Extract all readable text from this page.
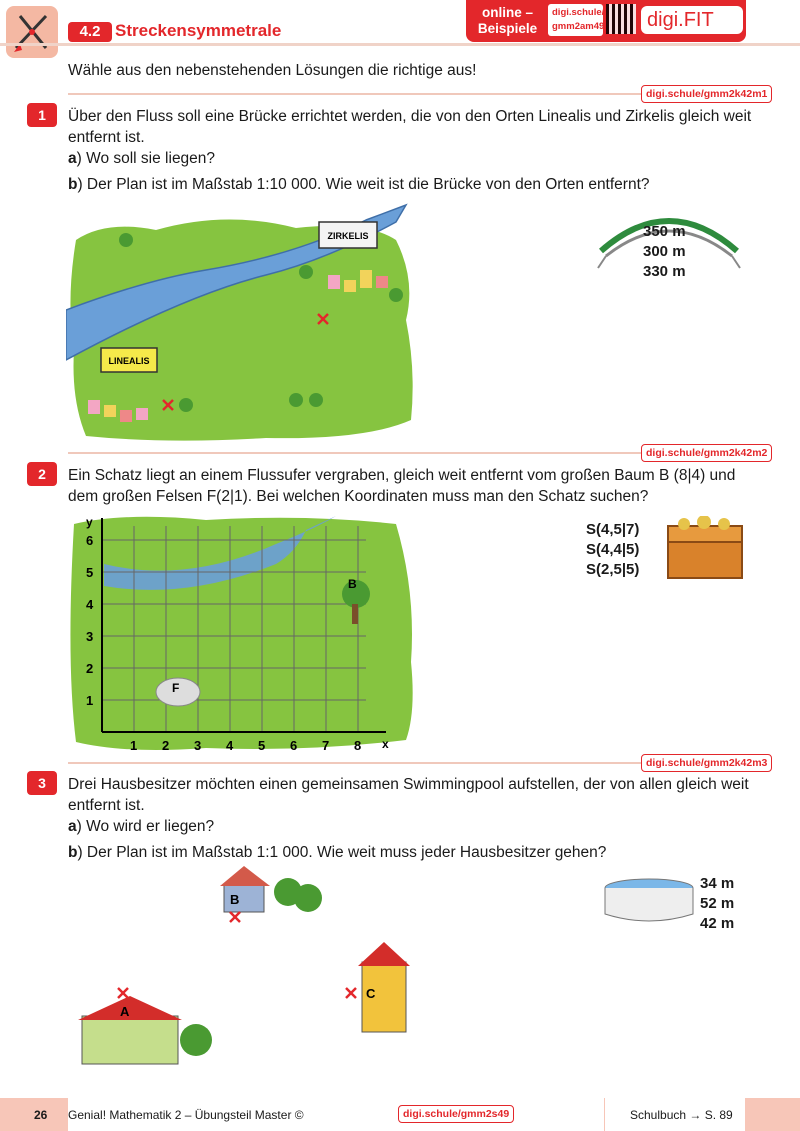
4.2 Streckensymmetrale
online –
Beispiele
digi.schule/
gmm2am49	digi.FIT
Wähle aus den nebenstehenden Lösungen die richtige aus!
digi.schule/gmm2k42m1
1	Über den Fluss soll eine Brücke errichtet werden, die von den Orten Linealis und Zirkelis gleich weit entfernt ist.
a) Wo soll sie liegen?
b) Der Plan ist im Maßstab 1:10 000. Wie weit ist die Brücke von den Orten entfernt?
LINEALIS
ZIRKELIS	350 m
300 m
330 m
digi.schule/gmm2k42m2
2	Ein Schatz liegt an einem Flussufer vergraben, gleich weit entfernt vom großen Baum B (8|4) und dem großen Felsen F(2|1). Bei welchen Koordinaten muss man den Schatz suchen?
x
y
1 2 3 4 5 6 7 8
1
2
3
4
5
6
F
B
S(4,5|7)
S(4,4|5)
S(2,5|5)
digi.schule/gmm2k42m3
3	Drei Hausbesitzer möchten einen gemeinsamen Swimmingpool aufstellen, der von allen gleich weit entfernt ist.
a) Wo wird er liegen?
b) Der Plan ist im Maßstab 1:1 000. Wie weit muss jeder Hausbesitzer gehen?
B
C
A
34 m
52 m
42 m
26 Genial! Mathematik 2 – Übungsteil Master ©	digi.schule/gmm2s49	Schulbuch → S. 89
